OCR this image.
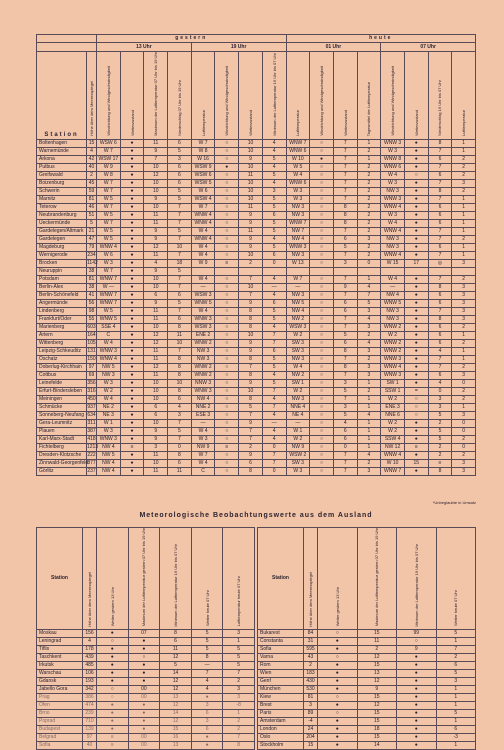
		gestern								heute							
		13 Uhr				19 Uhr				01 Uhr				07 Uhr			
Station	Höhe über dem Meeresspiegel	Windrichtung und Windgeschwindigkeit	Wetterzustand	Maximum der Lufttemperatur 07 Uhr bis 19 Uhr	Niederschlag 07 Uhr bis 19 Uhr	Lufttemperatur	Windrichtung und Windgeschwindigkeit	Wetterzustand	Minimum der Lufttemperatur 19 Uhr bis 07 Uhr	Lufttemperatur	Windrichtung und Windgeschwindigkeit	Wetterzustand	Tagesmittel der Lufttemperatur	Windrichtung und Windgeschwindigkeit	Wetterzustand	Niederschlag 19 Uhr bis 07 Uhr	Lufttemperatur
Boltenhagen	15	WSW 6	●	11	6	W 7	○	10	4	WNW 7	○	7	1	WNW 3	●	8	1
Warnemünde	4	W 7	●	9	5	W 8	○	10	4	WNW 6	○	7	2	W 3	●	7	1
Arkona	42	WSW 17	●	7	3	W 16	○	9	5	W 10	●	7	1	WNW 8	●	6	2
Putbus	40	W 9	●	10	6	WSW 9	●	10	4	W 5	○	7	2	WNW 6	●	7	2
Greifswald	2	W 8	●	12	6	WSW 6	○	11	5	W 4	○	7	2	W 4	○	6	2
Boizenburg	45	W 7	●	10	6	WSW 5	○	10	4	WNW 6	○	7	2	W 3	●	7	3
Schwerin	59	W 7	●	10	5	W 6	○	10	3	W 3	○	7	2	NW 3	●	8	2
Marnitz	81	W 5	●	9	5	WSW 4	○	10	5	W 3	○	7	2	WNW 3	●	7	1
Teterow	46	W 7	●	10	7	W 7	○	11	5	NW 3	○	8	2	WNW 4	●	6	1
Neubrandenburg	51	W 5	●	11	7	WNW 4	○	9	6	NW 3	○	8	2	W 3	●	6	1
Ueckermünde	5	W 7	●	11	7	WNW 4	○	9	5	WNW 7	○	8	2	W 4	●	6	1
Gardelegen/Altmark	21	W 5	●	9	5	W 4	○	11	5	NW 7	○	7	2	WNW 4	●	7	1
Gardelegen	47	W 5	●	9	7	WNW 4	○	9	4	NW 4	○	6	3	NW 3	●	7	2
Magdeburg	79	WNW 4	●	12	10	W 4	○	9	5	WNW 3	○	5	2	NW 3	●	6	1
Wernigerode	234	W 6	●	11	7	W 4	○	10	6	NW 3	○	7	2	WNW 4	●	7	1
Brocken	1142	W 3	●	4	18	W 9	≡	2	0	W 13	○	3	0	W 15	17	◎	3
Neuruppin	38	W 7	●	9	5												
Potsdam	81	WNW 7	●	10	7	W 4	○	7	4	W 7	○	7	1	W 4	●	7	2
Berlin-Alex	38	W —	●	10	7	—	○	10	—	—	○	9	4	—	●	8	3
Berlin-Schönefeld	41	WNW 7	●	6	6	WSW 3	○	7	4	NW 3	○	7	7	NW 4	●	6	3
Angermünde	56	WNW 7	●	9	5	WNW 5	○	9	6	NW 5	○	6	5	WNW 5	●	6	3
Lindenberg	98	W 5	●	11	7	W 4	○	8	5	NW 4	○	6	3	NW 3	●	7	3
Frankfurt/Oder	55	WNW 5	●	11	6	WNW 3	○	8	5	NW 2	○	7	4	NW 3	●	8	3
Marienberg	603	SSE 4	●	10	8	WSW 3	○	8	4	WSW 3	○	7	3	WNW 2	●	6	2
Artern	164	C	●	12	11	ENE 2	○	10	7	W 2	○	5	2	W 2	●	6	1
Wittenberg	105	W 4	●	12	10	WNW 2	○	9	7	SW 3	○	6	4	WNW 2	●	6	2
Leipzig-Schkeuditz	131	WNW 3	●	11	7	NW 3	○	9	6	SW 3	○	8	3	WNW 2	●	4	1
Oschatz	150	WNW 4	●	11	8	NW 3	○	8	5	NW 3	○	7	2	WNW 3	●	7	1
Doberlug-Kirchhain	97	NW 5	●	12	8	WNW 2	○	7	5	W 4	○	8	3	WNW 4	●	7	2
Cottbus	69	NW 3	●	11	8	WNW 2	○	8	4	NW 2	○	7	3	WNW 3	●	6	3
Leinefelde	356	W 3	●	10	10	NNW 3	○	9	5	SW 1	○	3	1	SW 1	●	4	0
Erfurt-Bindersleben	316	W 2	●	10	8	WNW 3	○	10	7	W 2	○	5	2	SSW 1	=	0	2
Meiningen	450	W 4	●	10	6	NW 4	○	8	4	NW 3	○	7	1	W 2	○	3	2
Schmücke	937	NE 2	●	6	4	NNE 2	○	5	7	NNE 4	○	3	1	ENE 3	○	3	1
Sonneberg-Neufang	634	NE 3	●	6	3	ESE 3	○	7	4	NE 4	○	5	4	NNE 6	○	5	3
Gera-Leumnitz	311	W 1	●	10	7	—	○	9	—	—	○	4	1	W 2	●	2	0
Plauen	387	W 3	●	9	5	W 4	○	7	4	W 1	○	6	1	W 2	●	5	0
Karl-Marx-Stadt	418	WNW 3	●	9	7	W 3	○	7	4	W 2	○	6	1	SSW 4	●	5	2
Fichtelberg	1213	NW 4	≡	3	0	NW 9	≡	2	0	NW 9	○	0	1	NW 12	≡	2	0
Dresden-Klotzsche	222	NW 5	●	11	8	W 7	○	9	7	WSW 2	○	7	4	WNW 4	●	2	2
Zinnwald-Georgenfeld	877	NW 4	●	10	6	W 4	○	6	7	SW 3	○	7	2	W 10	15	≡	3
Görlitz	237	NW 4	●	11	11	C	○	8	0	W 3	○	7	3	WNW 7	●	8	3
Meteorologische Beobachtungswerte aus dem Ausland
*Unbeglaubte in Umsatz
Station	Höhe über dem Meeresspiegel	Wetter gestern 13 Uhr	Maximum der Lufttemperatur gestern 07 Uhr bis 19 Uhr	Minimum der Lufttemperatur 19 Uhr bis 07 Uhr	Wetter heute 07 Uhr	Lufttemperatur heute 07 Uhr
Moskau	156	●	07	8	5	3
Leningrad	4	○	●	6	5	1
Tiflis	178	●	●	11	5	5
Taschkent	439	●	○	12	8	5
Irkutsk	485	●	●	5	—	5
Warschau	106	●	●	14	7	7
Gdansk	193	●	●	12	4	2
Jabello Gora	342	○	00	12	4	3
Prag	386	○	00	13	●	3
Ofen	474	●	●	12	3	-8
Brno	239	●	●	14	6	1
Poprad	710	●	●	12	3	2
Budapest	139	●	●	15	6	2
Belgrad	97	≡	00	16	●	7
Sofia	40	≡	00	13	●	8
Station	Höhe über dem Meeresspiegel	Wetter gestern 13 Uhr	Maximum der Lufttemperatur gestern 07 Uhr bis 19 Uhr	Minimum der Lufttemperatur 19 Uhr bis 07 Uhr	Wetter heute 07 Uhr
Bukarest	84	○	15	99	5
Constanta	31	●	11	○	1
Sofia	595	●	2	9	7
Varna	43	○	12	●	2
Rom	2	●	15	●	6
Wien	183	●	13	●	5
Genf	430	●	12	●	3
München	530	●	9	●	1
Kiew	81	○	15	●	1
Brest	3	●	12	●	1
Paris	89	○	15	●	5
Amsterdam	-4	●	15	●	1
London	24	●	18	●	6
Oslo	204	●	15	●	-3
Stockholm	15	●	14	●	1
